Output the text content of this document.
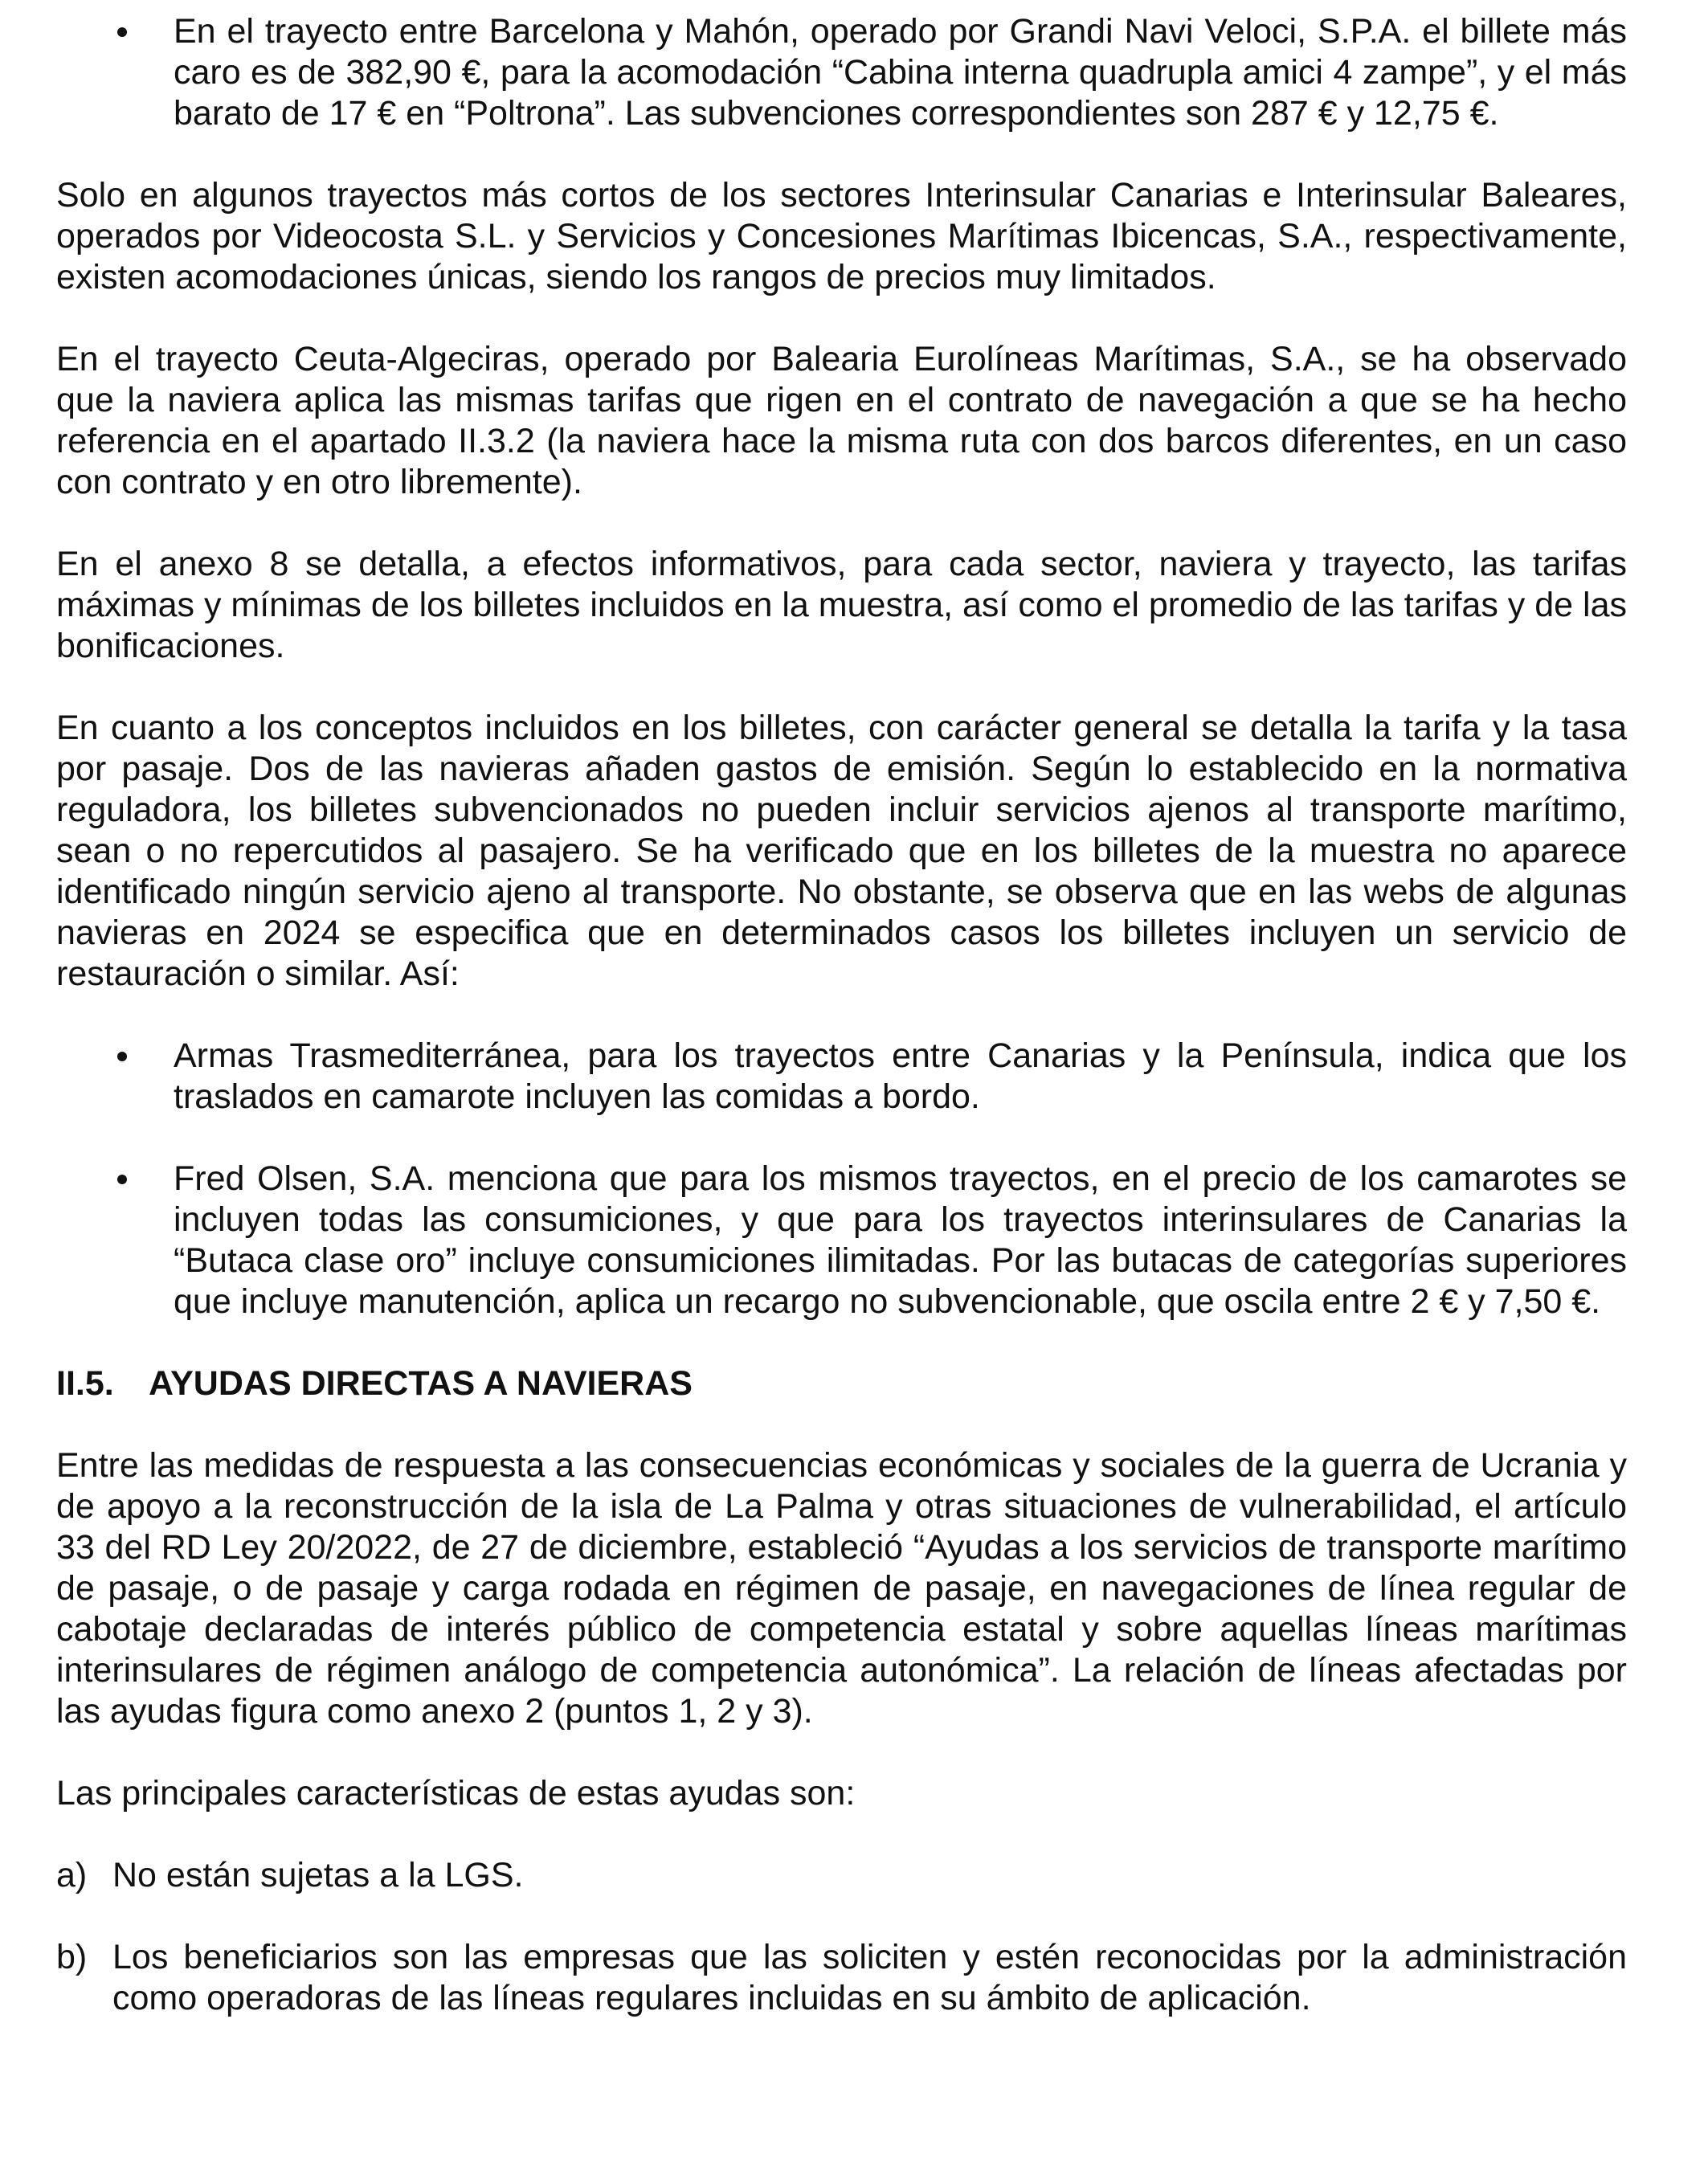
En el trayecto entre Barcelona y Mahón, operado por Grandi Navi Veloci, S.P.A. el billete más caro es de 382,90 €, para la acomodación “Cabina interna quadrupla amici 4 zampe”, y el más barato de 17 € en “Poltrona”. Las subvenciones correspondientes son 287 € y 12,75 €.

Solo en algunos trayectos más cortos de los sectores Interinsular Canarias e Interinsular Baleares, operados por Videocosta S.L. y Servicios y Concesiones Marítimas Ibicencas, S.A., respectivamente, existen acomodaciones únicas, siendo los rangos de precios muy limitados.

En el trayecto Ceuta-Algeciras, operado por Balearia Eurolíneas Marítimas, S.A., se ha observado que la naviera aplica las mismas tarifas que rigen en el contrato de navegación a que se ha hecho referencia en el apartado II.3.2 (la naviera hace la misma ruta con dos barcos diferentes, en un caso con contrato y en otro libremente).

En el anexo 8 se detalla, a efectos informativos, para cada sector, naviera y trayecto, las tarifas máximas y mínimas de los billetes incluidos en la muestra, así como el promedio de las tarifas y de las bonificaciones.

En cuanto a los conceptos incluidos en los billetes, con carácter general se detalla la tarifa y la tasa por pasaje. Dos de las navieras añaden gastos de emisión. Según lo establecido en la normativa reguladora, los billetes subvencionados no pueden incluir servicios ajenos al transporte marítimo, sean o no repercutidos al pasajero. Se ha verificado que en los billetes de la muestra no aparece identificado ningún servicio ajeno al transporte. No obstante, se observa que en las webs de algunas navieras en 2024 se especifica que en determinados casos los billetes incluyen un servicio de restauración o similar. Así:

Armas Trasmediterránea, para los trayectos entre Canarias y la Península, indica que los traslados en camarote incluyen las comidas a bordo.

Fred Olsen, S.A. menciona que para los mismos trayectos, en el precio de los camarotes se incluyen todas las consumiciones, y que para los trayectos interinsulares de Canarias la “Butaca clase oro” incluye consumiciones ilimitadas. Por las butacas de categorías superiores que incluye manutención, aplica un recargo no subvencionable, que oscila entre 2 € y 7,50 €.

II.5. AYUDAS DIRECTAS A NAVIERAS

Entre las medidas de respuesta a las consecuencias económicas y sociales de la guerra de Ucrania y de apoyo a la reconstrucción de la isla de La Palma y otras situaciones de vulnerabilidad, el artículo 33 del RD Ley 20/2022, de 27 de diciembre, estableció “Ayudas a los servicios de transporte marítimo de pasaje, o de pasaje y carga rodada en régimen de pasaje, en navegaciones de línea regular de cabotaje declaradas de interés público de competencia estatal y sobre aquellas líneas marítimas interinsulares de régimen análogo de competencia autonómica”. La relación de líneas afectadas por las ayudas figura como anexo 2 (puntos 1, 2 y 3).

Las principales características de estas ayudas son:

a) No están sujetas a la LGS.

b) Los beneficiarios son las empresas que las soliciten y estén reconocidas por la administración como operadoras de las líneas regulares incluidas en su ámbito de aplicación.
